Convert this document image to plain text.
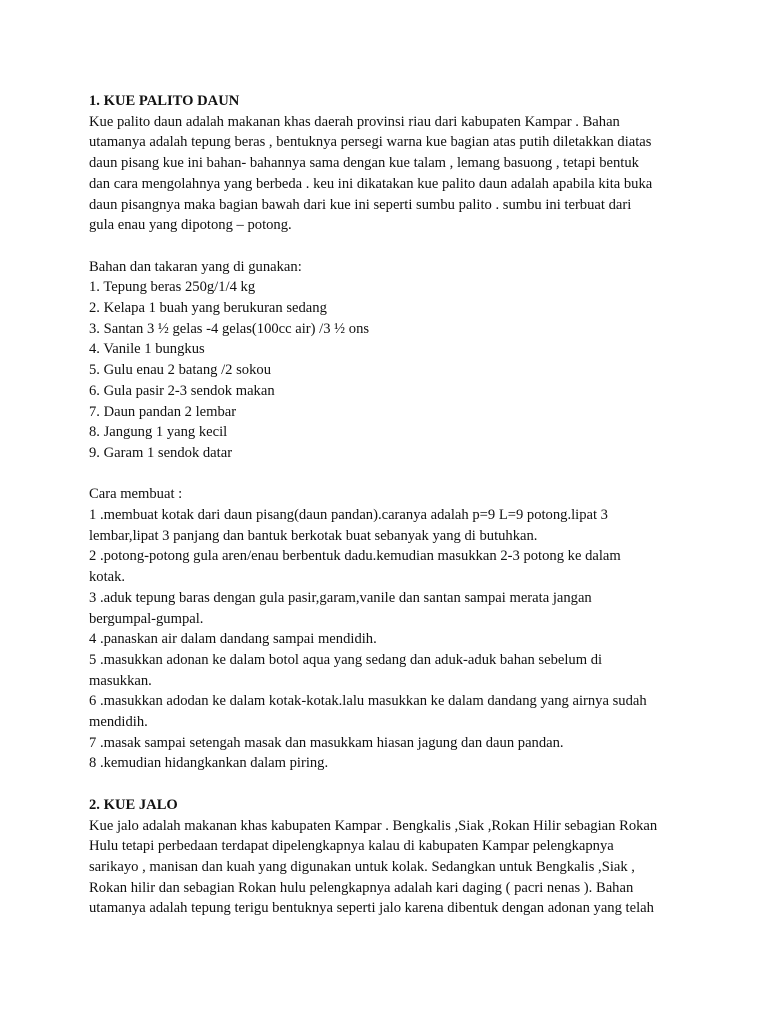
1. KUE PALITO DAUN
Kue palito daun adalah makanan khas daerah provinsi riau dari kabupaten Kampar . Bahan
utamanya adalah tepung beras , bentuknya persegi warna kue bagian atas putih diletakkan diatas
daun pisang kue ini bahan- bahannya sama dengan kue talam , lemang basuong , tetapi bentuk
dan cara mengolahnya yang berbeda . keu ini dikatakan kue palito daun adalah apabila kita buka
daun pisangnya maka bagian bawah dari kue ini seperti sumbu palito . sumbu ini terbuat dari
gula enau yang dipotong – potong.
Bahan dan takaran yang di gunakan:
1. Tepung beras 250g/1/4 kg
2. Kelapa 1 buah yang berukuran sedang
3. Santan 3 ½ gelas -4 gelas(100cc air) /3 ½ ons
4. Vanile 1 bungkus
5. Gulu enau 2 batang /2 sokou
6. Gula pasir 2-3 sendok makan
7. Daun pandan 2 lembar
8. Jangung 1 yang kecil
9. Garam 1 sendok datar
Cara membuat :
1 .membuat kotak dari daun pisang(daun pandan).caranya adalah p=9 L=9 potong.lipat 3
lembar,lipat 3 panjang dan bantuk berkotak buat sebanyak yang di butuhkan.
2 .potong-potong gula aren/enau berbentuk dadu.kemudian masukkan 2-3 potong ke dalam
kotak.
3 .aduk tepung baras dengan gula pasir,garam,vanile dan santan sampai merata jangan
bergumpal-gumpal.
4 .panaskan air dalam dandang sampai mendidih.
5 .masukkan adonan ke dalam botol aqua yang sedang dan aduk-aduk bahan sebelum di
masukkan.
6 .masukkan adodan ke dalam kotak-kotak.lalu masukkan ke dalam dandang yang airnya sudah
mendidih.
7 .masak sampai setengah masak dan masukkam hiasan jagung dan daun pandan.
8 .kemudian hidangkankan dalam piring.
2. KUE JALO
Kue jalo adalah makanan khas kabupaten Kampar . Bengkalis ,Siak ,Rokan Hilir sebagian Rokan
Hulu tetapi perbedaan terdapat dipelengkapnya kalau di kabupaten Kampar pelengkapnya
sarikayo , manisan dan kuah yang digunakan untuk kolak. Sedangkan untuk Bengkalis ,Siak ,
Rokan hilir dan sebagian Rokan hulu pelengkapnya adalah kari daging ( pacri nenas ). Bahan
utamanya adalah tepung terigu bentuknya seperti jalo karena dibentuk dengan adonan yang telah
